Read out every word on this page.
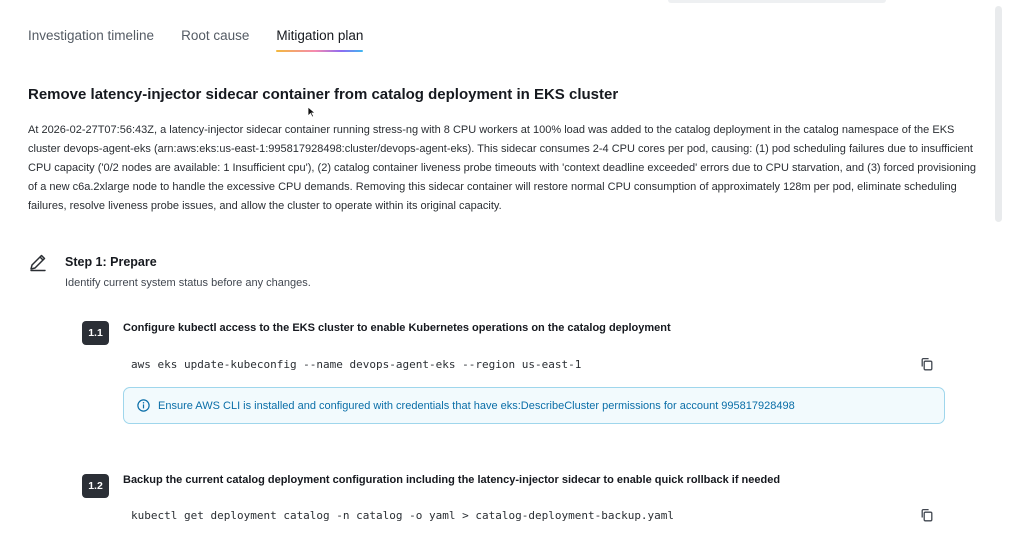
Investigation timeline Root cause Mitigation plan
Remove latency-injector sidecar container from catalog deployment in EKS cluster

At 2026-02-27T07:56:43Z, a latency-injector sidecar container running stress-ng with 8 CPU workers at 100% load was added to the catalog deployment in the catalog namespace of the EKS cluster devops-agent-eks (arn:aws:eks:us-east-1:995817928498:cluster/devops-agent-eks). This sidecar consumes 2-4 CPU cores per pod, causing: (1) pod scheduling failures due to insufficient CPU capacity ('0/2 nodes are available: 1 Insufficient cpu'), (2) catalog container liveness probe timeouts with 'context deadline exceeded' errors due to CPU starvation, and (3) forced provisioning of a new c6a.2xlarge node to handle the excessive CPU demands. Removing this sidecar container will restore normal CPU consumption of approximately 128m per pod, eliminate scheduling failures, resolve liveness probe issues, and allow the cluster to operate within its original capacity.

Step 1: Prepare
Identify current system status before any changes.
1.1	Configure kubectl access to the EKS cluster to enable Kubernetes operations on the catalog deployment
aws eks update-kubeconfig --name devops-agent-eks --region us-east-1
Ensure AWS CLI is installed and configured with credentials that have eks:DescribeCluster permissions for account 995817928498
1.2	Backup the current catalog deployment configuration including the latency-injector sidecar to enable quick rollback if needed
kubectl get deployment catalog -n catalog -o yaml > catalog-deployment-backup.yaml
